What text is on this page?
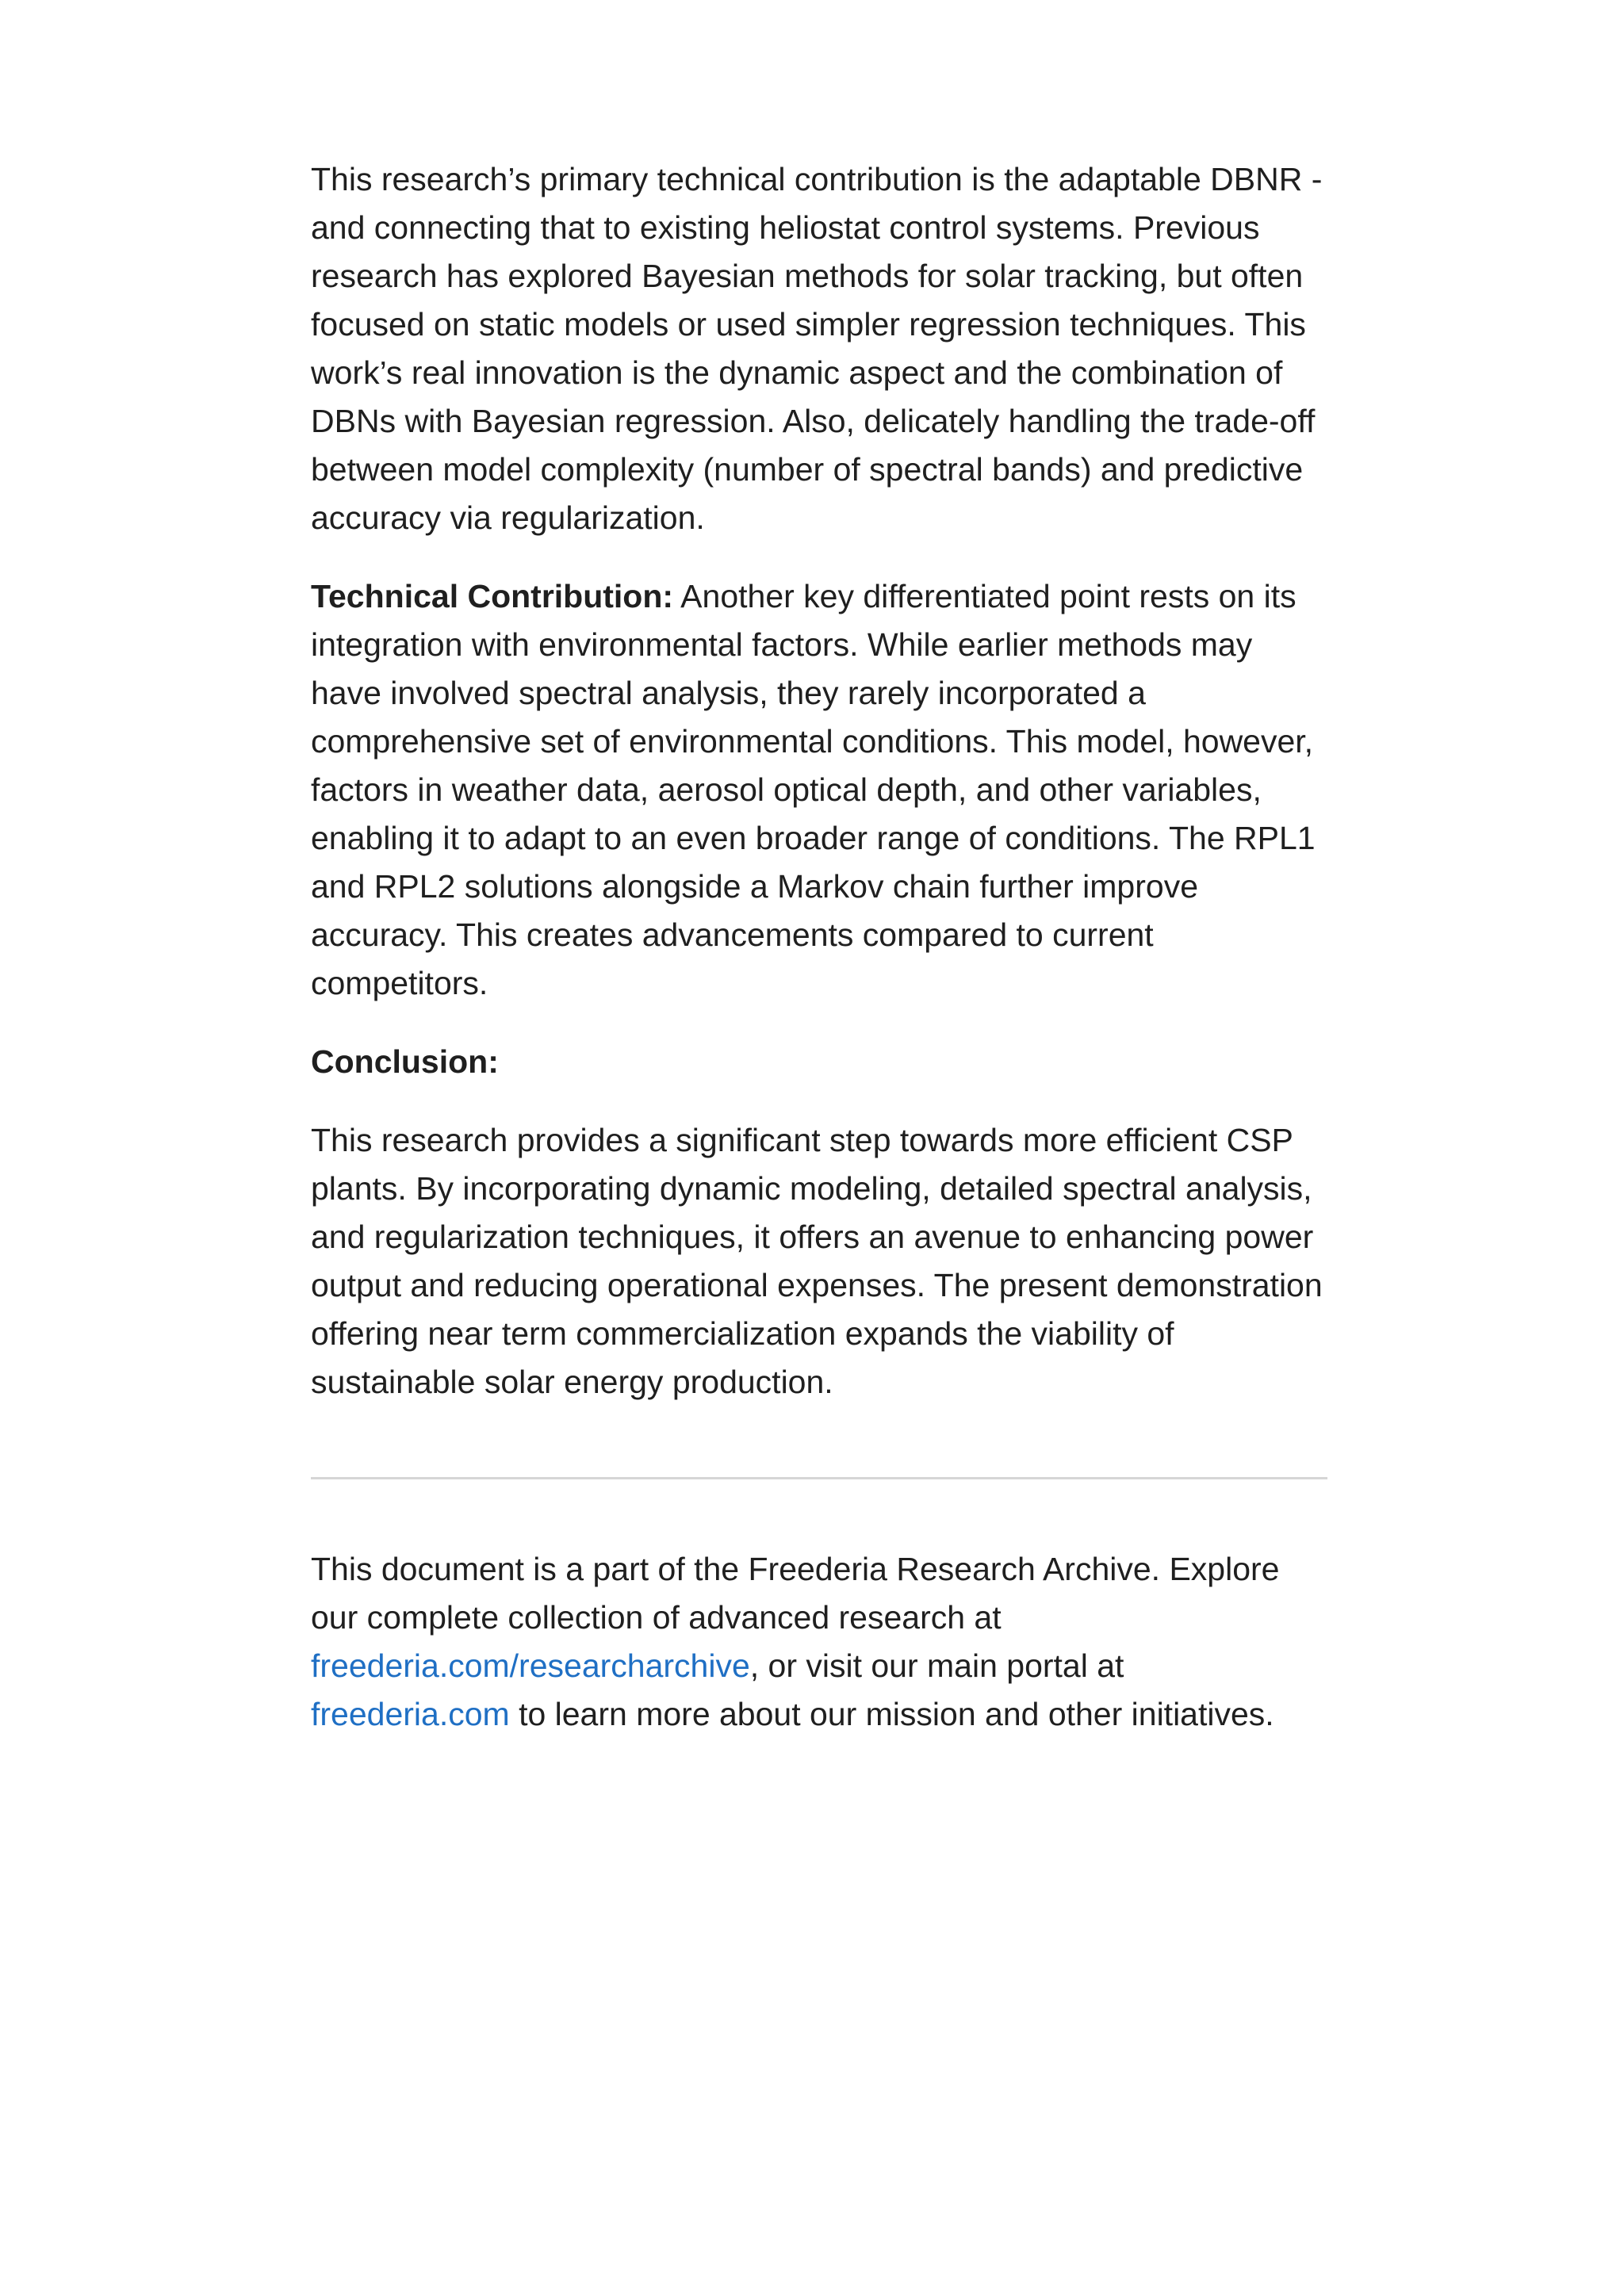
This research’s primary technical contribution is the adaptable DBNR - and connecting that to existing heliostat control systems. Previous research has explored Bayesian methods for solar tracking, but often focused on static models or used simpler regression techniques. This work’s real innovation is the dynamic aspect and the combination of DBNs with Bayesian regression. Also, delicately handling the trade-off between model complexity (number of spectral bands) and predictive accuracy via regularization.

Technical Contribution: Another key differentiated point rests on its integration with environmental factors. While earlier methods may have involved spectral analysis, they rarely incorporated a comprehensive set of environmental conditions. This model, however, factors in weather data, aerosol optical depth, and other variables, enabling it to adapt to an even broader range of conditions. The RPL1 and RPL2 solutions alongside a Markov chain further improve accuracy. This creates advancements compared to current competitors.

Conclusion:

This research provides a significant step towards more efficient CSP plants. By incorporating dynamic modeling, detailed spectral analysis, and regularization techniques, it offers an avenue to enhancing power output and reducing operational expenses. The present demonstration offering near term commercialization expands the viability of sustainable solar energy production.

This document is a part of the Freederia Research Archive. Explore our complete collection of advanced research at freederia.com/researcharchive, or visit our main portal at freederia.com to learn more about our mission and other initiatives.
